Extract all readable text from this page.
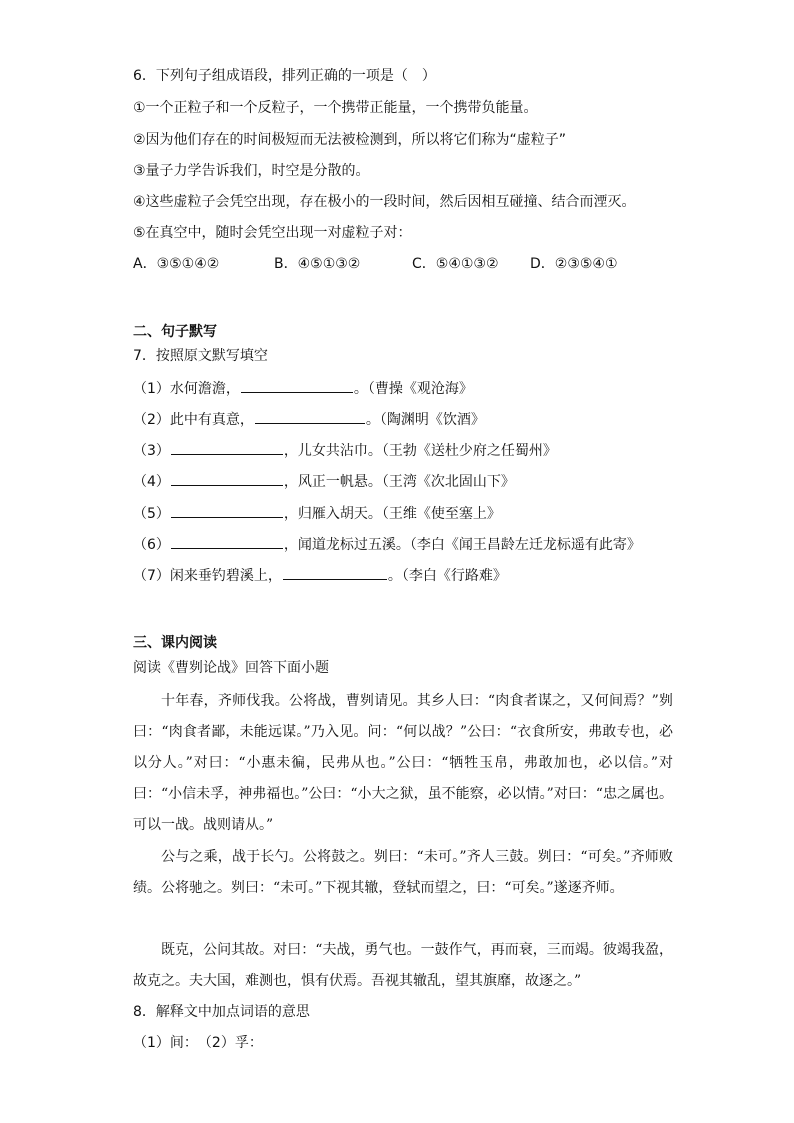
6．下列句子组成语段，排列正确的一项是（　）
①一个正粒子和一个反粒子，一个携带正能量，一个携带负能量。
②因为他们存在的时间极短而无法被检测到，所以将它们称为“虚粒子”
③量子力学告诉我们，时空是分散的。
④这些虚粒子会凭空出现，存在极小的一段时间，然后因相互碰撞、结合而湮灭。
⑤在真空中，随时会凭空出现一对虚粒子对：
A．③⑤①④②	B．④⑤①③②	C．⑤④①③② D．②③⑤④①
二、句子默写
7．按照原文默写填空
（1）水何澹澹，	。（曹操《观沧海》
（2）此中有真意，	。（陶渊明《饮酒》
（3）	，儿女共沾巾。（王勃《送杜少府之任蜀州》
（4）	，风正一帆悬。（王湾《次北固山下》
（5）	，归雁入胡天。（王维《使至塞上》
（6）	，闻道龙标过五溪。（李白《闻王昌龄左迁龙标遥有此寄》
（7）闲来垂钓碧溪上，	。（李白《行路难》
三、课内阅读
阅读《曹刿论战》回答下面小题
十年春，齐师伐我。公将战，曹刿请见。其乡人曰：“肉食者谋之，又何间焉？”刿曰：“肉食者鄙，未能远谋。”乃入见。问：“何以战？”公曰：“衣食所安，弗敢专也，必以分人。”对曰：“小惠未徧，民弗从也。”公曰：“牺牲玉帛，弗敢加也，必以信。”对曰：“小信未孚，神弗福也。”公曰：“小大之狱，虽不能察，必以情。”对曰：“忠之属也。可以一战。战则请从。”
公与之乘，战于长勺。公将鼓之。刿曰：“未可。”齐人三鼓。刿曰：“可矣。”齐师败绩。公将驰之。刿曰：“未可。”下视其辙，登轼而望之，曰：“可矣。”遂逐齐师。
既克，公问其故。对曰：“夫战，勇气也。一鼓作气，再而衰，三而竭。彼竭我盈，故克之。夫大国，难测也，惧有伏焉。吾视其辙乱，望其旗靡，故逐之。”
8．解释文中加点词语的意思
（1）间：　（2）孚：
